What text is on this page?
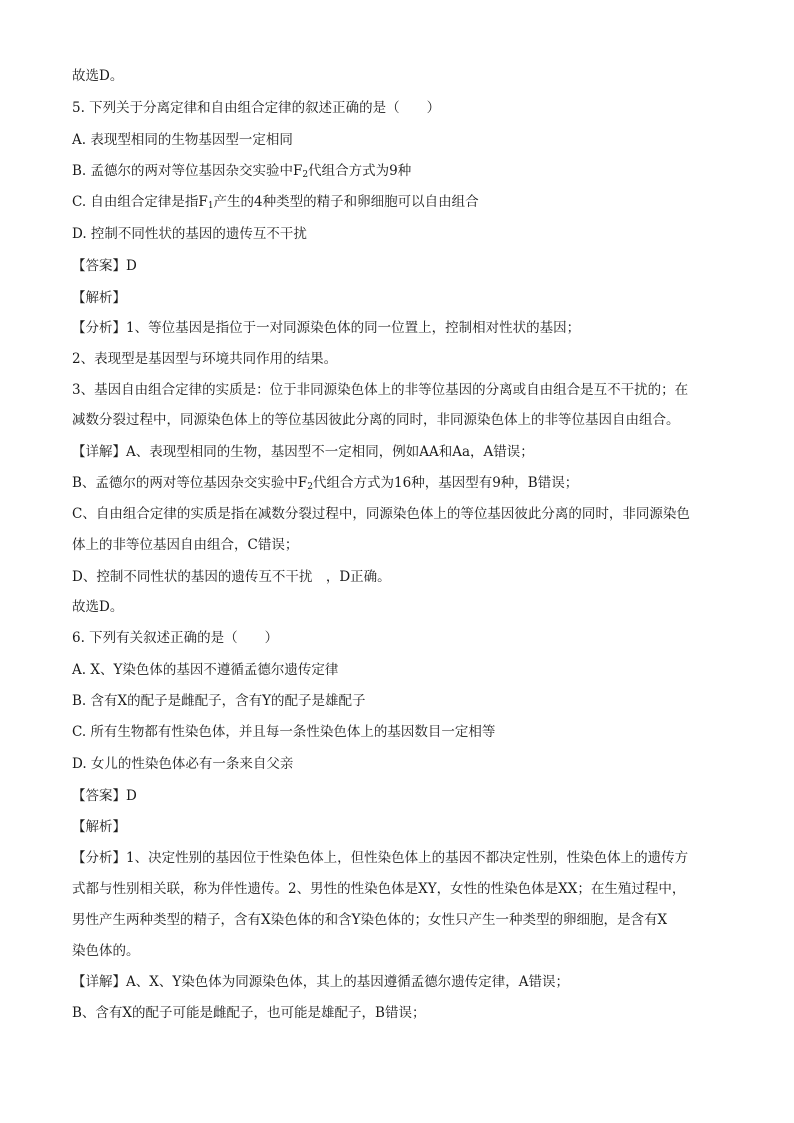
故选D。
5. 下列关于分离定律和自由组合定律的叙述正确的是（　　）
A. 表现型相同的生物基因型一定相同
B. 孟德尔的两对等位基因杂交实验中$F_2$代组合方式为9种
C. 自由组合定律是指$F_1$产生的4种类型的精子和卵细胞可以自由组合
D. 控制不同性状的基因的遗传互不干扰
【答案】D
【解析】
【分析】1、等位基因是指位于一对同源染色体的同一位置上，控制相对性状的基因；
2、表现型是基因型与环境共同作用的结果。
3、基因自由组合定律的实质是：位于非同源染色体上的非等位基因的分离或自由组合是互不干扰的；在
减数分裂过程中，同源染色体上的等位基因彼此分离的同时，非同源染色体上的非等位基因自由组合。
【详解】A、表现型相同的生物，基因型不一定相同，例如AA和Aa，A错误；
B、孟德尔的两对等位基因杂交实验中$F_2$代组合方式为16种，基因型有9种，B错误；
C、自由组合定律的实质是指在减数分裂过程中，同源染色体上的等位基因彼此分离的同时，非同源染色
体上的非等位基因自由组合，C错误；
D、控制不同性状的基因的遗传互不干扰　，D正确。
故选D。
6. 下列有关叙述正确的是（　　）
A. X、Y染色体的基因不遵循孟德尔遗传定律
B. 含有X的配子是雌配子，含有Y的配子是雄配子
C. 所有生物都有性染色体，并且每一条性染色体上的基因数目一定相等
D. 女儿的性染色体必有一条来自父亲
【答案】D
【解析】
【分析】1、决定性别的基因位于性染色体上，但性染色体上的基因不都决定性别，性染色体上的遗传方
式都与性别相关联，称为伴性遗传。2、男性的性染色体是XY，女性的性染色体是XX；在生殖过程中，
男性产生两种类型的精子，含有X染色体的和含Y染色体的；女性只产生一种类型的卵细胞，是含有X
染色体的。
【详解】A、X、Y染色体为同源染色体，其上的基因遵循孟德尔遗传定律，A错误；
B、含有X的配子可能是雌配子，也可能是雄配子，B错误；
